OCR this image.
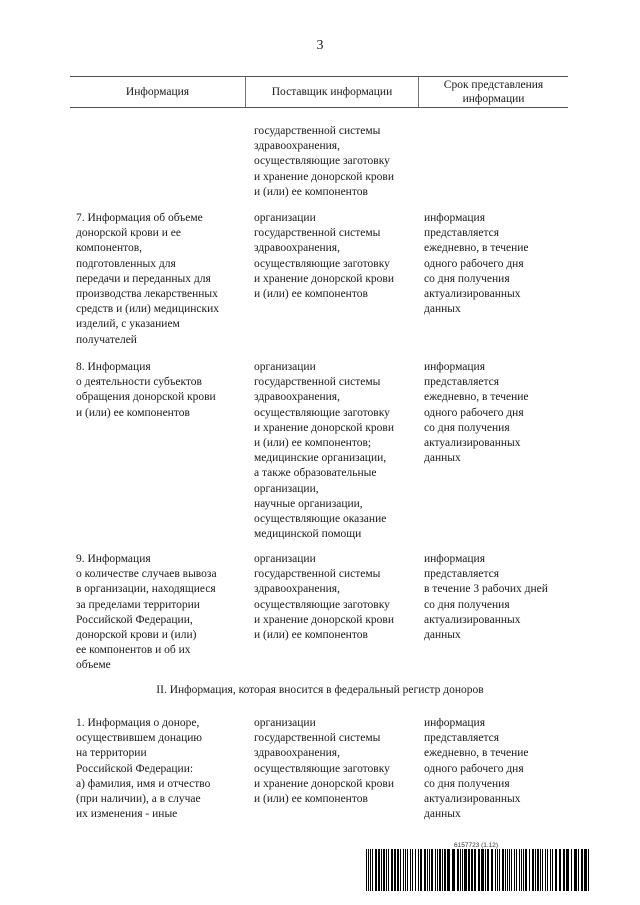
3
Информация	Поставщик информации
Срок представления
информации
государственной системы
здравоохранения,
осуществляющие заготовку
и хранение донорской крови
и (или) ее компонентов
7. Информация об объеме
донорской крови и ее
компонентов,
подготовленных для
передачи и переданных для
производства лекарственных
средств и (или) медицинских
изделий, с указанием
получателей
организации
государственной системы
здравоохранения,
осуществляющие заготовку
и хранение донорской крови
и (или) ее компонентов
информация
представляется
ежедневно, в течение
одного рабочего дня
со дня получения
актуализированных
данных
8. Информация
о деятельности субъектов
обращения донорской крови
и (или) ее компонентов
организации
государственной системы
здравоохранения,
осуществляющие заготовку
и хранение донорской крови
и (или) ее компонентов;
медицинские организации,
а также образовательные
организации,
научные организации,
осуществляющие оказание
медицинской помощи
информация
представляется
ежедневно, в течение
одного рабочего дня
со дня получения
актуализированных
данных
9. Информация
о количестве случаев вывоза
в организации, находящиеся
за пределами территории
Российской Федерации,
донорской крови и (или)
ее компонентов и об их
объеме
организации
государственной системы
здравоохранения,
осуществляющие заготовку
и хранение донорской крови
и (или) ее компонентов
информация
представляется
в течение 3 рабочих дней
со дня получения
актуализированных
данных
II. Информация, которая вносится в федеральный регистр доноров
1. Информация о доноре,
осуществившем донацию
на территории
Российской Федерации:
а) фамилия, имя и отчество
(при наличии), а в случае
их изменения - иные
организации
государственной системы
здравоохранения,
осуществляющие заготовку
и хранение донорской крови
и (или) ее компонентов
информация
представляется
ежедневно, в течение
одного рабочего дня
со дня получения
актуализированных
данных
6157723 (1.12)
